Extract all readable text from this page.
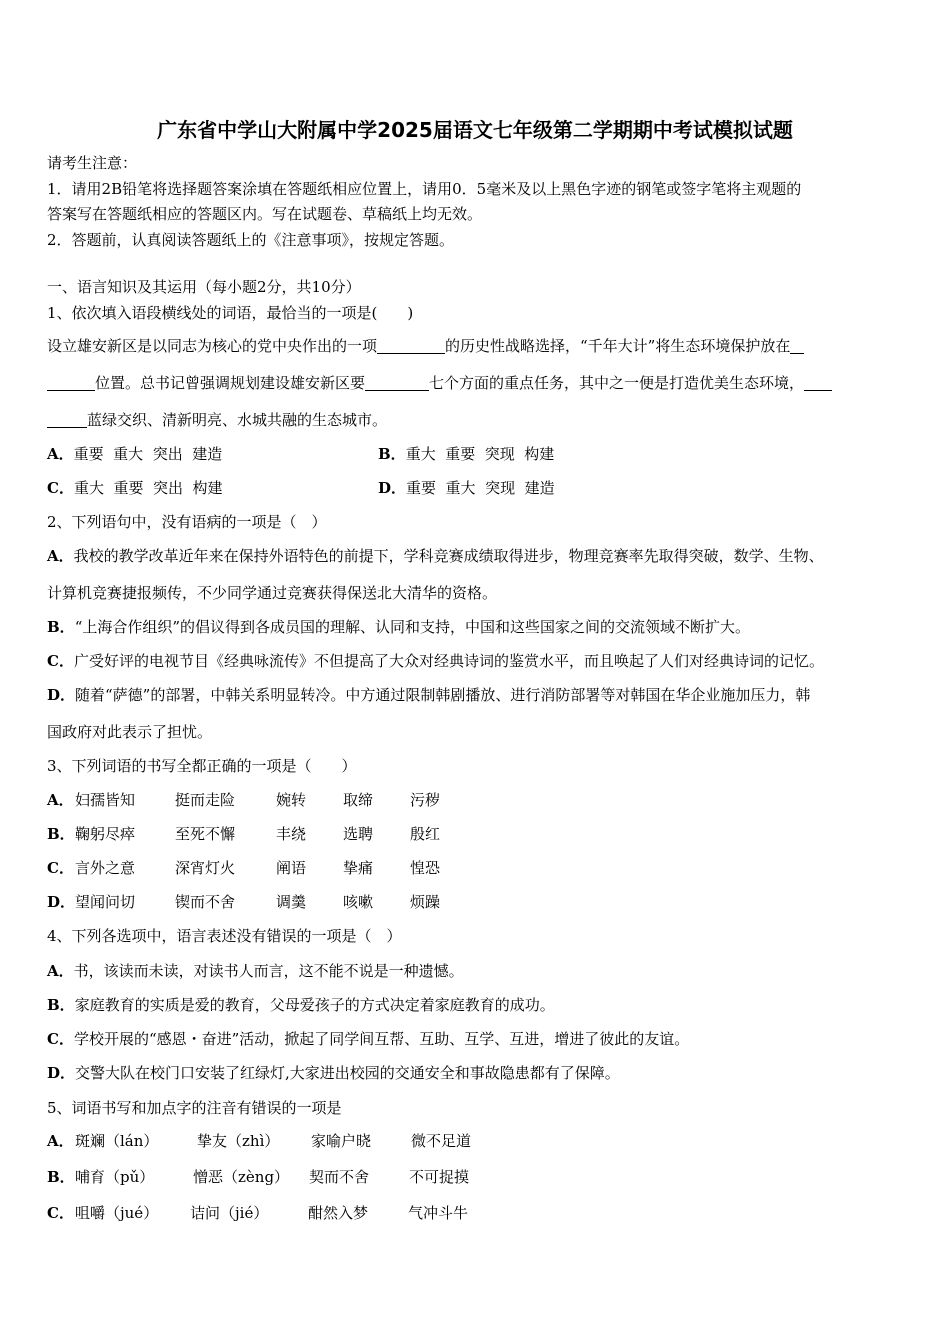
广东省中学山大附属中学2025届语文七年级第二学期期中考试模拟试题
请考生注意：
1．请用2B铅笔将选择题答案涂填在答题纸相应位置上，请用0．5毫米及以上黑色字迹的钢笔或签字笔将主观题的
答案写在答题纸相应的答题区内。写在试题卷、草稿纸上均无效。
2．答题前，认真阅读答题纸上的《注意事项》，按规定答题。
一、语言知识及其运用（每小题2分，共10分）
1、依次填入语段横线处的词语，最恰当的一项是(　　)
设立雄安新区是以同志为核心的党中央作出的一项	的历史性战略选择，“千年大计”将生态环境保护放在
位置。总书记曾强调规划建设雄安新区要	七个方面的重点任务，其中之一便是打造优美生态环境，
蓝绿交织、清新明亮、水城共融的生态城市。
A．重要  重大  突出  建造	B．重大  重要  突现  构建
C．重大  重要  突出  构建	D．重要  重大  突现  建造
2、下列语句中，没有语病的一项是（　）
A．我校的教学改革近年来在保持外语特色的前提下，学科竞赛成绩取得进步，物理竞赛率先取得突破，数学、生物、
计算机竞赛捷报频传，不少同学通过竞赛获得保送北大清华的资格。
B．“上海合作组织”的倡议得到各成员国的理解、认同和支持，中国和这些国家之间的交流领域不断扩大。
C．广受好评的电视节目《经典咏流传》不但提高了大众对经典诗词的鉴赏水平，而且唤起了人们对经典诗词的记忆。
D．随着“萨德”的部署，中韩关系明显转冷。中方通过限制韩剧播放、进行消防部署等对韩国在华企业施加压力，韩
国政府对此表示了担忧。
3、下列词语的书写全都正确的一项是（　　）
A．妇孺皆知	挺而走险	婉转 取缔 污秽
B．鞠躬尽瘁	至死不懈	丰绕 选聘 殷红
C．言外之意	深宵灯火	阐语 挚痛 惶恐
D．望闻问切	锲而不舍	调羹 咳嗽 烦躁
4、下列各选项中，语言表述没有错误的一项是（　）
A．书，该读而未读，对读书人而言，这不能不说是一种遗憾。
B．家庭教育的实质是爱的教育，父母爱孩子的方式决定着家庭教育的成功。
C．学校开展的“感恩・奋进”活动，掀起了同学间互帮、互助、互学、互进，增进了彼此的友谊。
D．交警大队在校门口安装了红绿灯,大家进出校园的交通安全和事故隐患都有了保障。
5、词语书写和加点字的注音有错误的一项是
A．斑斓（lán）	挚友（zhì） 家喻户晓	微不足道
B．哺育（pǔ）	憎恶（zèng） 契而不舍	不可捉摸
C．咀嚼（jué） 诘问（jié）	酣然入梦	气冲斗牛
